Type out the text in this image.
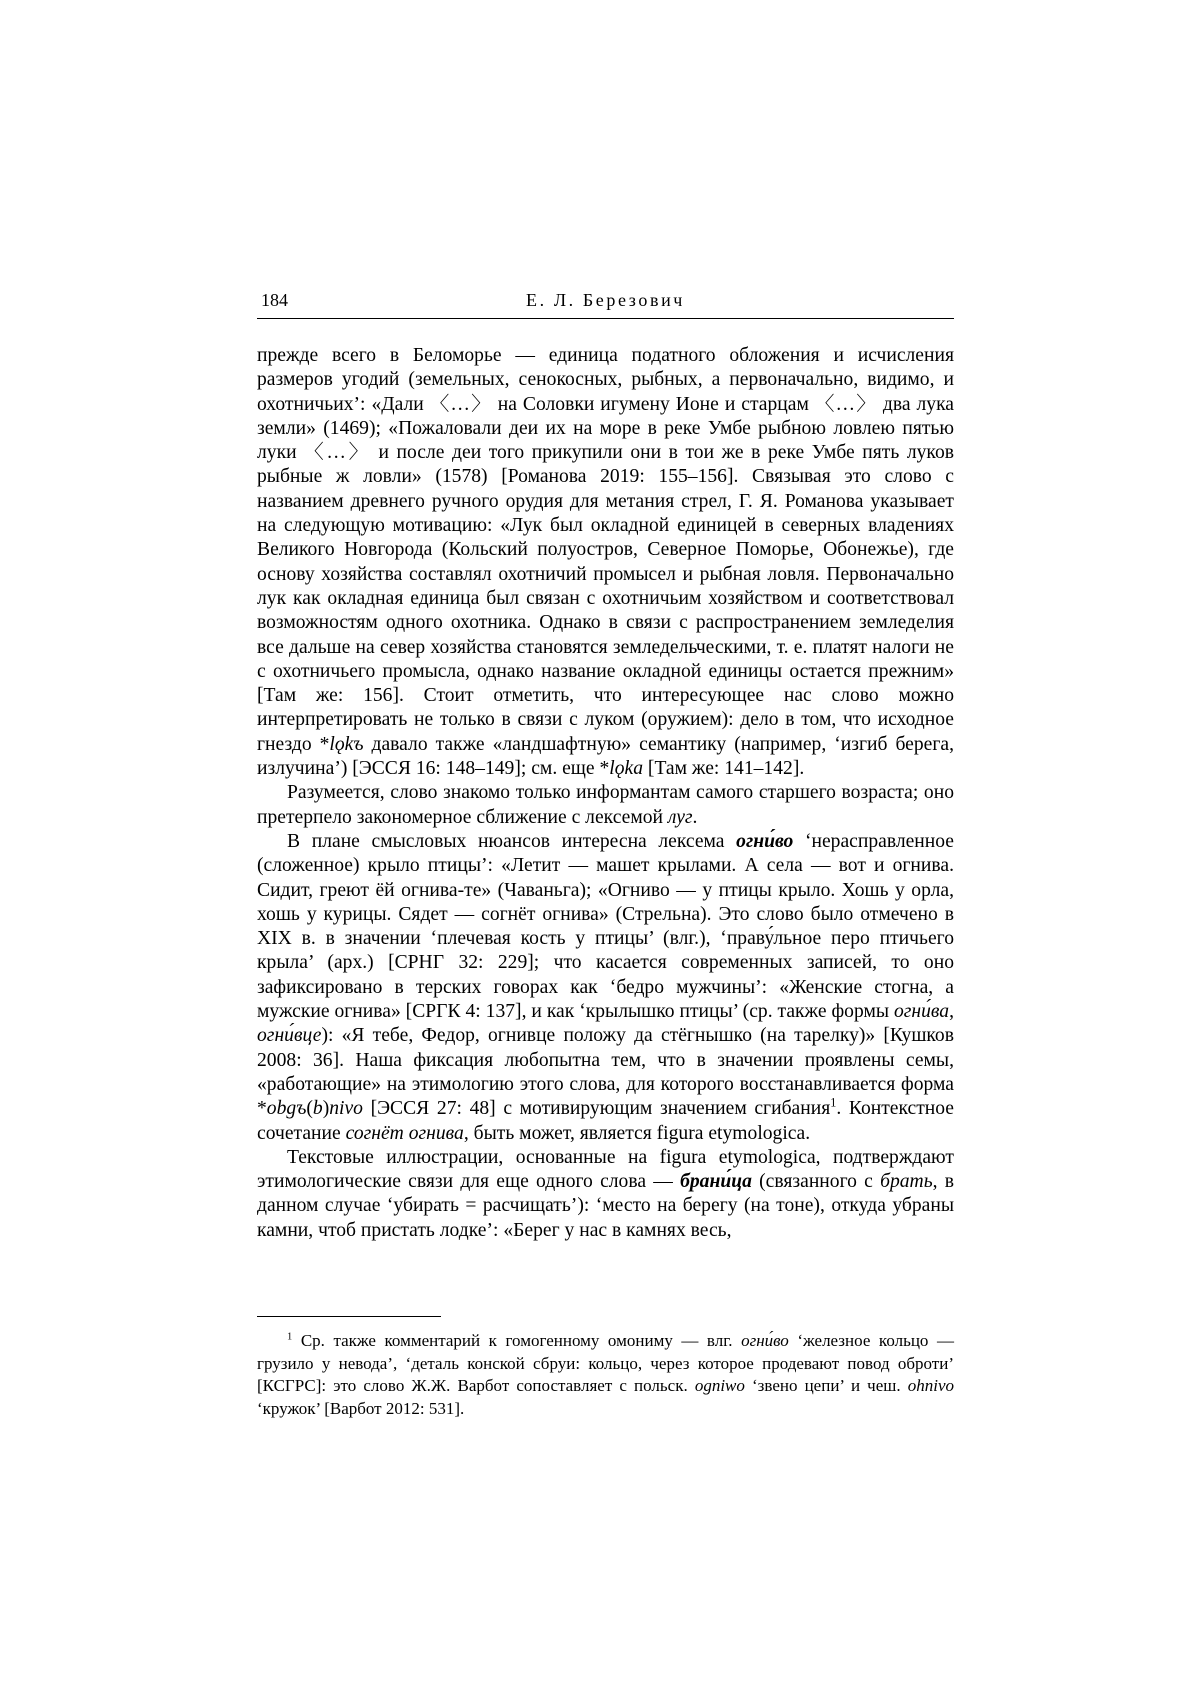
184	Е. Л. Березович

прежде всего в Беломорье — единица податного обложения и исчисления размеров угодий (земельных, сенокосных, рыбных, а первоначально, видимо, и охотничьих’: «Дали 〈…〉 на Соловки игумену Ионе и старцам 〈…〉 два лука земли» (1469); «Пожаловали деи их на море в реке Умбе рыбною ловлею пятью луки 〈…〉 и после деи того прикупили они в тои же в реке Умбе пять луков рыбные ж ловли» (1578) [Романова 2019: 155–156]. Связывая это слово с названием древнего ручного орудия для метания стрел, Г. Я. Романова указывает на следующую мотивацию: «Лук был окладной единицей в северных владениях Великого Новгорода (Кольский полуостров, Северное Поморье, Обонежье), где основу хозяйства составлял охотничий промысел и рыбная ловля. Первоначально лук как окладная единица был связан с охотничьим хозяйством и соответствовал возможностям одного охотника. Однако в связи с распространением земледелия все дальше на север хозяйства становятся земледельческими, т. е. платят налоги не с охотничьего промысла, однако название окладной единицы остается прежним» [Там же: 156]. Стоит отметить, что интересующее нас слово можно интерпретировать не только в связи с луком (оружием): дело в том, что исходное гнездо *lǫkъ давало также «ландшафтную» семантику (например, ‘изгиб берега, излучина’) [ЭССЯ 16: 148–149]; см. еще *lǫka [Там же: 141–142].

Разумеется, слово знакомо только информантам самого старшего возраста; оно претерпело закономерное сближение с лексемой луг.

В плане смысловых нюансов интересна лексема огни́во ‘нерасправленное (сложенное) крыло птицы’: «Летит — машет крылами. А села — вот и огнива. Сидит, греют ёй огнива-те» (Чаваньга); «Огниво — у птицы крыло. Хошь у орла, хошь у курицы. Сядет — согнёт огнива» (Стрельна). Это слово было отмечено в XIX в. в значении ‘плечевая кость у птицы’ (влг.), ‘праву́льное перо птичьего крыла’ (арх.) [СРНГ 32: 229]; что касается современных записей, то оно зафиксировано в терских говорах как ‘бедро мужчины’: «Женские стогна, а мужские огнива» [СРГК 4: 137], и как ‘крылышко птицы’ (ср. также формы огни́ва, огни́вце): «Я тебе, Федор, огнивце положу да стёгнышко (на тарелку)» [Кушков 2008: 36]. Наша фиксация любопытна тем, что в значении проявлены семы, «работающие» на этимологию этого слова, для которого восстанавливается форма *obgъ(b)nivo [ЭССЯ 27: 48] с мотивирующим значением сгибания$^1$. Контекстное сочетание согнёт огнива, быть может, является figura etymologica.

Текстовые иллюстрации, основанные на figura etymologica, подтверждают этимологические связи для еще одного слова — брани́ца (связанного с брать, в данном случае ‘убирать = расчищать’): ‘место на берегу (на тоне), откуда убраны камни, чтоб пристать лодке’: «Берег у нас в камнях весь,

$^1$ Ср. также комментарий к гомогенному омониму — влг. огни́во ‘железное кольцо — грузило у невода’, ‘деталь конской сбруи: кольцо, через которое продевают повод оброти’ [КСГРС]: это слово Ж.Ж. Варбот сопоставляет с польск. ogniwo ‘звено цепи’ и чеш. ohnivo ‘кружок’ [Варбот 2012: 531].
